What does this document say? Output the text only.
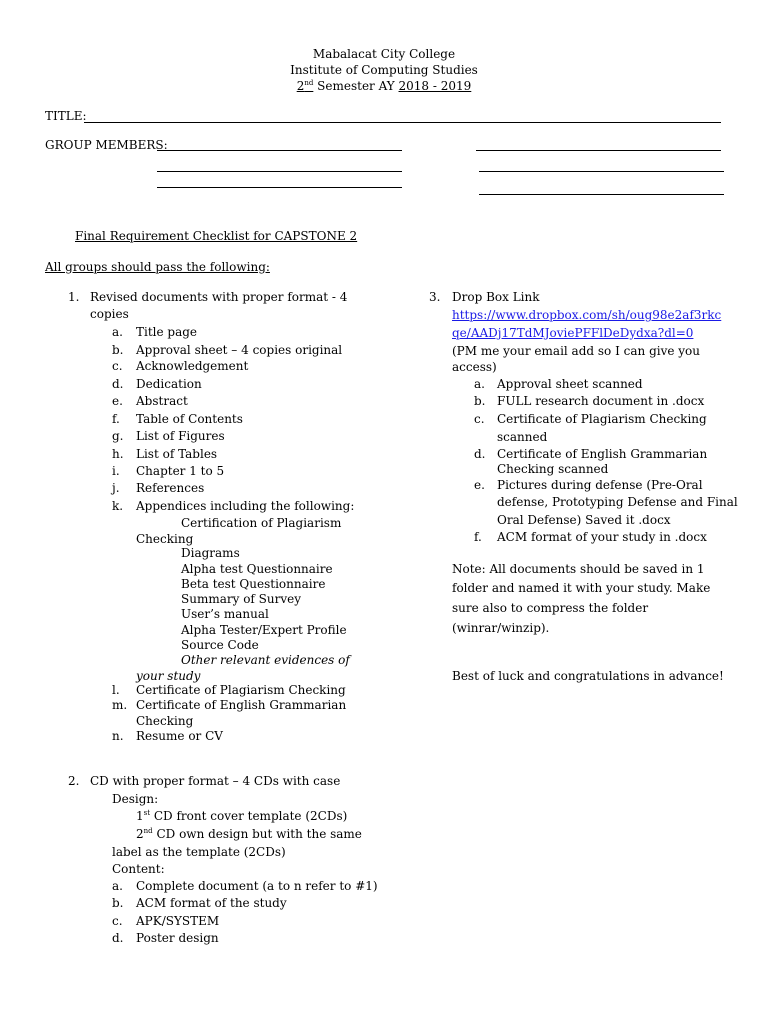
Mabalacat City College
Institute of Computing Studies
2nd Semester AY 2018 - 2019
TITLE:
GROUP MEMBERS:
Final Requirement Checklist for CAPSTONE 2
All groups should pass the following:
1. Revised documents with proper format - 4
copies
a. Title page
b. Approval sheet – 4 copies original
c. Acknowledgement
d. Dedication
e. Abstract
f. Table of Contents
g. List of Figures
h. List of Tables
i. Chapter 1 to 5
j. References
k. Appendices including the following:
Certification of Plagiarism
Checking
Diagrams
Alpha test Questionnaire
Beta test Questionnaire
Summary of Survey
User’s manual
Alpha Tester/Expert Profile
Source Code
Other relevant evidences of
your study
l. Certificate of Plagiarism Checking
m. Certificate of English Grammarian
Checking
n. Resume or CV
2. CD with proper format – 4 CDs with case
Design:
1st CD front cover template (2CDs)
2nd CD own design but with the same
label as the template (2CDs)
Content:
a. Complete document (a to n refer to #1)
b. ACM format of the study
c. APK/SYSTEM
d. Poster design
3. Drop Box Link
https://www.dropbox.com/sh/oug98e2af3rkc
qe/AADj17TdMJoviePFFlDeDydxa?dl=0
(PM me your email add so I can give you
access)
a. Approval sheet scanned
b. FULL research document in .docx
c. Certificate of Plagiarism Checking
scanned
d. Certificate of English Grammarian
Checking scanned
e. Pictures during defense (Pre-Oral
defense, Prototyping Defense and Final
Oral Defense) Saved it .docx
f. ACM format of your study in .docx
Note: All documents should be saved in 1
folder and named it with your study. Make
sure also to compress the folder
(winrar/winzip).
Best of luck and congratulations in advance!
